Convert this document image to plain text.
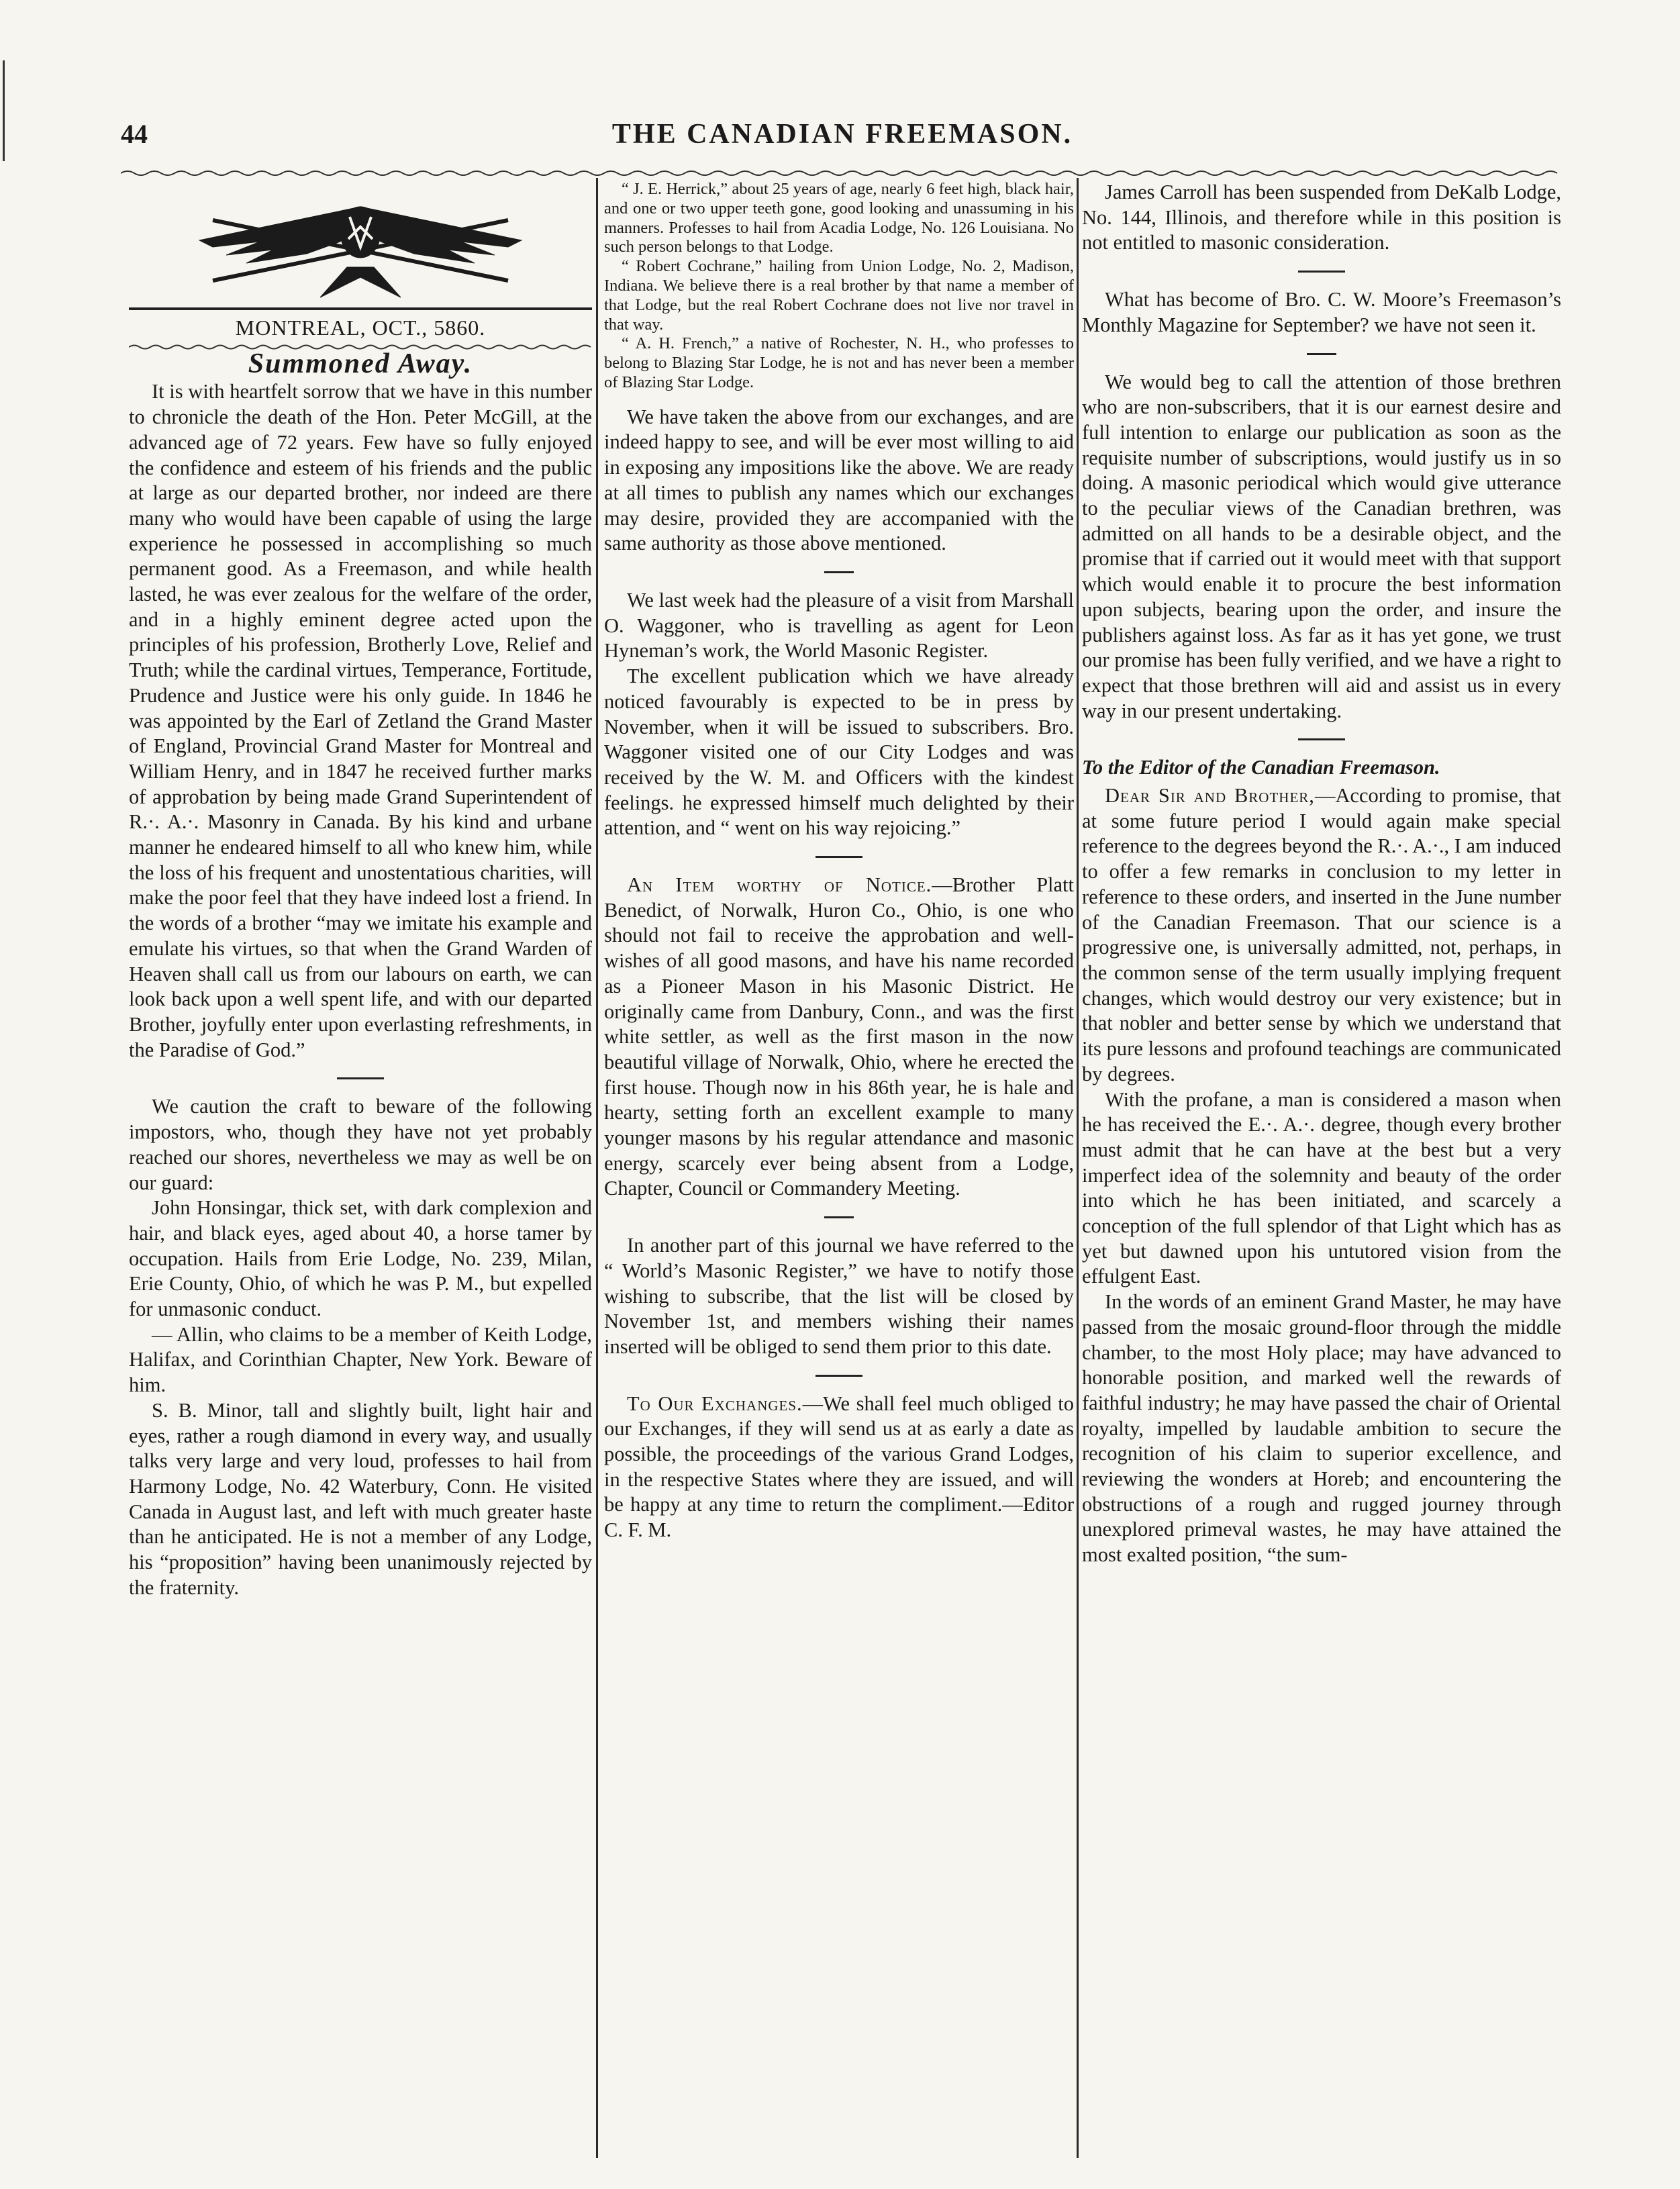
44	THE CANADIAN FREEMASON.
MONTREAL, OCT., 5860.
Summoned Away.

It is with heartfelt sorrow that we have in this number to chronicle the death of the Hon. Peter McGill, at the advanced age of 72 years. Few have so fully enjoyed the confidence and esteem of his friends and the public at large as our departed brother, nor indeed are there many who would have been capable of using the large experience he possessed in accomplishing so much permanent good. As a Freemason, and while health lasted, he was ever zealous for the welfare of the order, and in a highly eminent degree acted upon the principles of his profession, Brotherly Love, Relief and Truth; while the cardinal virtues, Temperance, Fortitude, Prudence and Justice were his only guide. In 1846 he was appointed by the Earl of Zetland the Grand Master of England, Provincial Grand Master for Montreal and William Henry, and in 1847 he received further marks of approbation by being made Grand Superintendent of R.·. A.·. Masonry in Canada. By his kind and urbane manner he endeared himself to all who knew him, while the loss of his frequent and unostentatious charities, will make the poor feel that they have indeed lost a friend. In the words of a brother “may we imitate his example and emulate his virtues, so that when the Grand Warden of Heaven shall call us from our labours on earth, we can look back upon a well spent life, and with our departed Brother, joyfully enter upon everlasting refreshments, in the Paradise of God.”

We caution the craft to beware of the following impostors, who, though they have not yet probably reached our shores, nevertheless we may as well be on our guard:

John Honsingar, thick set, with dark complexion and hair, and black eyes, aged about 40, a horse tamer by occupation. Hails from Erie Lodge, No. 239, Milan, Erie County, Ohio, of which he was P. M., but expelled for unmasonic conduct.

— Allin, who claims to be a member of Keith Lodge, Halifax, and Corinthian Chapter, New York. Beware of him.

S. B. Minor, tall and slightly built, light hair and eyes, rather a rough diamond in every way, and usually talks very large and very loud, professes to hail from Harmony Lodge, No. 42 Waterbury, Conn. He visited Canada in August last, and left with much greater haste than he anticipated. He is not a member of any Lodge, his “proposition” having been unanimously rejected by the fraternity.

“ J. E. Herrick,” about 25 years of age, nearly 6 feet high, black hair, and one or two upper teeth gone, good looking and unassuming in his manners. Professes to hail from Acadia Lodge, No. 126 Louisiana. No such person belongs to that Lodge.

“ Robert Cochrane,” hailing from Union Lodge, No. 2, Madison, Indiana. We believe there is a real brother by that name a member of that Lodge, but the real Robert Cochrane does not live nor travel in that way.

“ A. H. French,” a native of Rochester, N. H., who professes to belong to Blazing Star Lodge, he is not and has never been a member of Blazing Star Lodge.

We have taken the above from our exchanges, and are indeed happy to see, and will be ever most willing to aid in exposing any impositions like the above. We are ready at all times to publish any names which our exchanges may desire, provided they are accompanied with the same authority as those above mentioned.

We last week had the pleasure of a visit from Marshall O. Waggoner, who is travelling as agent for Leon Hyneman’s work, the World Masonic Register.

The excellent publication which we have already noticed favourably is expected to be in press by November, when it will be issued to subscribers. Bro. Waggoner visited one of our City Lodges and was received by the W. M. and Officers with the kindest feelings. he expressed himself much delighted by their attention, and “ went on his way rejoicing.”

An Item worthy of Notice.—Brother Platt Benedict, of Norwalk, Huron Co., Ohio, is one who should not fail to receive the approbation and well-wishes of all good masons, and have his name recorded as a Pioneer Mason in his Masonic District. He originally came from Danbury, Conn., and was the first white settler, as well as the first mason in the now beautiful village of Norwalk, Ohio, where he erected the first house. Though now in his 86th year, he is hale and hearty, setting forth an excellent example to many younger masons by his regular attendance and masonic energy, scarcely ever being absent from a Lodge, Chapter, Council or Commandery Meeting.

In another part of this journal we have referred to the “ World’s Masonic Register,” we have to notify those wishing to subscribe, that the list will be closed by November 1st, and members wishing their names inserted will be obliged to send them prior to this date.

To Our Exchanges.—We shall feel much obliged to our Exchanges, if they will send us at as early a date as possible, the proceedings of the various Grand Lodges, in the respective States where they are issued, and will be happy at any time to return the compliment.—Editor C. F. M.

James Carroll has been suspended from DeKalb Lodge, No. 144, Illinois, and therefore while in this position is not entitled to masonic consideration.

What has become of Bro. C. W. Moore’s Freemason’s Monthly Magazine for September? we have not seen it.

We would beg to call the attention of those brethren who are non-subscribers, that it is our earnest desire and full intention to enlarge our publication as soon as the requisite number of subscriptions, would justify us in so doing. A masonic periodical which would give utterance to the peculiar views of the Canadian brethren, was admitted on all hands to be a desirable object, and the promise that if carried out it would meet with that support which would enable it to procure the best information upon subjects, bearing upon the order, and insure the publishers against loss. As far as it has yet gone, we trust our promise has been fully verified, and we have a right to expect that those brethren will aid and assist us in every way in our present undertaking.

To the Editor of the Canadian Freemason.

Dear Sir and Brother,—According to promise, that at some future period I would again make special reference to the degrees beyond the R.·. A.·., I am induced to offer a few remarks in conclusion to my letter in reference to these orders, and inserted in the June number of the Canadian Freemason. That our science is a progressive one, is universally admitted, not, perhaps, in the common sense of the term usually implying frequent changes, which would destroy our very existence; but in that nobler and better sense by which we understand that its pure lessons and profound teachings are communicated by degrees.

With the profane, a man is considered a mason when he has received the E.·. A.·. degree, though every brother must admit that he can have at the best but a very imperfect idea of the solemnity and beauty of the order into which he has been initiated, and scarcely a conception of the full splendor of that Light which has as yet but dawned upon his untutored vision from the effulgent East.

In the words of an eminent Grand Master, he may have passed from the mosaic ground-floor through the middle chamber, to the most Holy place; may have advanced to honorable position, and marked well the rewards of faithful industry; he may have passed the chair of Oriental royalty, impelled by laudable ambition to secure the recognition of his claim to superior excellence, and reviewing the wonders at Horeb; and encountering the obstructions of a rough and rugged journey through unexplored primeval wastes, he may have attained the most exalted position, “the sum-
